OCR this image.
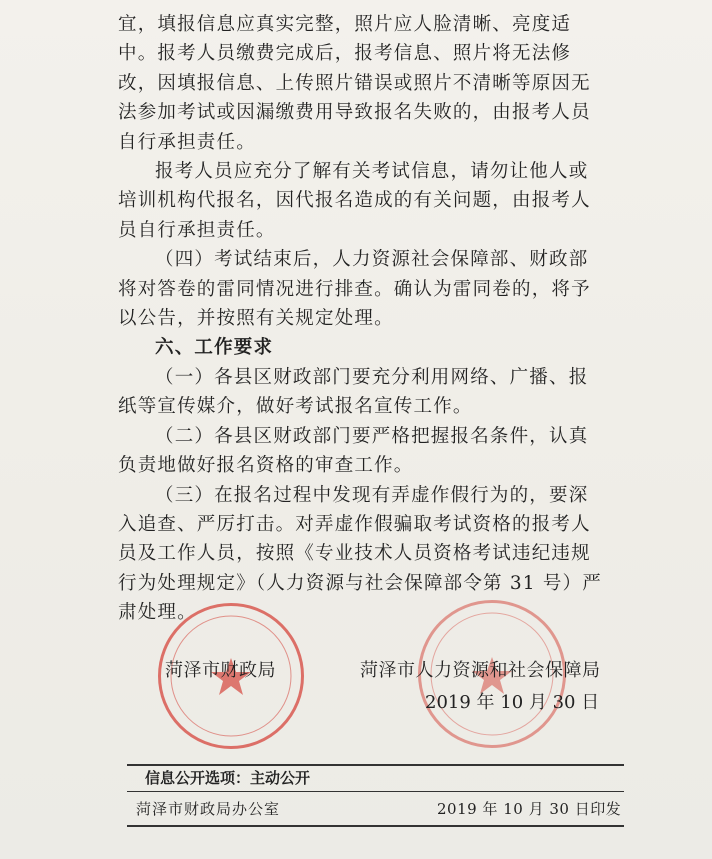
宜，填报信息应真实完整，照片应人脸清晰、亮度适中。报考人员缴费完成后，报考信息、照片将无法修改，因填报信息、上传照片错误或照片不清晰等原因无法参加考试或因漏缴费用导致报名失败的，由报考人员自行承担责任。

报考人员应充分了解有关考试信息，请勿让他人或培训机构代报名，因代报名造成的有关问题，由报考人员自行承担责任。

（四）考试结束后，人力资源社会保障部、财政部将对答卷的雷同情况进行排查。确认为雷同卷的，将予以公告，并按照有关规定处理。

六、工作要求

（一）各县区财政部门要充分利用网络、广播、报纸等宣传媒介，做好考试报名宣传工作。

（二）各县区财政部门要严格把握报名条件，认真负责地做好报名资格的审查工作。

（三）在报名过程中发现有弄虚作假行为的，要深入追查、严厉打击。对弄虚作假骗取考试资格的报考人员及工作人员，按照《专业技术人员资格考试违纪违规行为处理规定》（人力资源与社会保障部令第 31 号）严肃处理。

菏泽市财政局	菏泽市人力资源和社会保障局
2019 年 10 月 30 日
信息公开选项：主动公开
菏泽市财政局办公室	2019 年 10 月 30 日印发
